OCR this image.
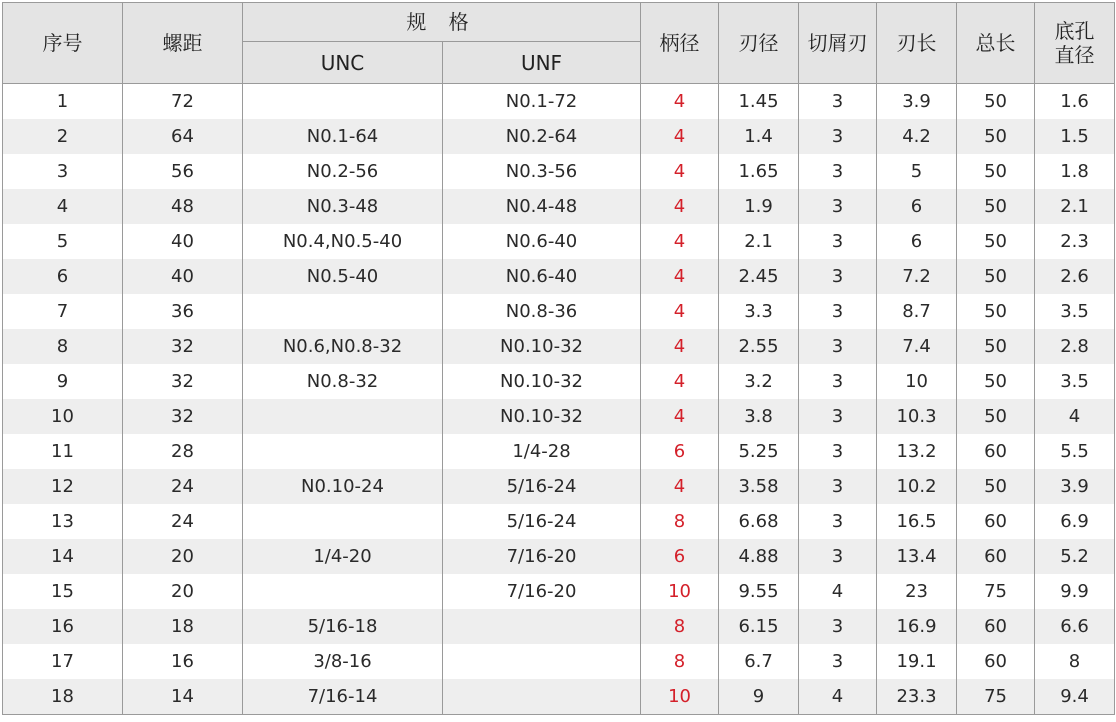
序号	螺距	规 格		柄径	刃径	切屑刃	刃长	总长	底孔
直径

		UNC	UNF						
1	72		N0.1-72	4	1.45	3	3.9	50	1.6
2	64	N0.1-64	N0.2-64	4	1.4	3	4.2	50	1.5
3	56	N0.2-56	N0.3-56	4	1.65	3	5	50	1.8
4	48	N0.3-48	N0.4-48	4	1.9	3	6	50	2.1
5	40	N0.4,N0.5-40	N0.6-40	4	2.1	3	6	50	2.3
6	40	N0.5-40	N0.6-40	4	2.45	3	7.2	50	2.6
7	36		N0.8-36	4	3.3	3	8.7	50	3.5
8	32	N0.6,N0.8-32	N0.10-32	4	2.55	3	7.4	50	2.8
9	32	N0.8-32	N0.10-32	4	3.2	3	10	50	3.5
10	32		N0.10-32	4	3.8	3	10.3	50	4
11	28		1/4-28	6	5.25	3	13.2	60	5.5
12	24	N0.10-24	5/16-24	4	3.58	3	10.2	50	3.9
13	24		5/16-24	8	6.68	3	16.5	60	6.9
14	20	1/4-20	7/16-20	6	4.88	3	13.4	60	5.2
15	20		7/16-20	10	9.55	4	23	75	9.9
16	18	5/16-18		8	6.15	3	16.9	60	6.6
17	16	3/8-16		8	6.7	3	19.1	60	8
18	14	7/16-14		10	9	4	23.3	75	9.4
